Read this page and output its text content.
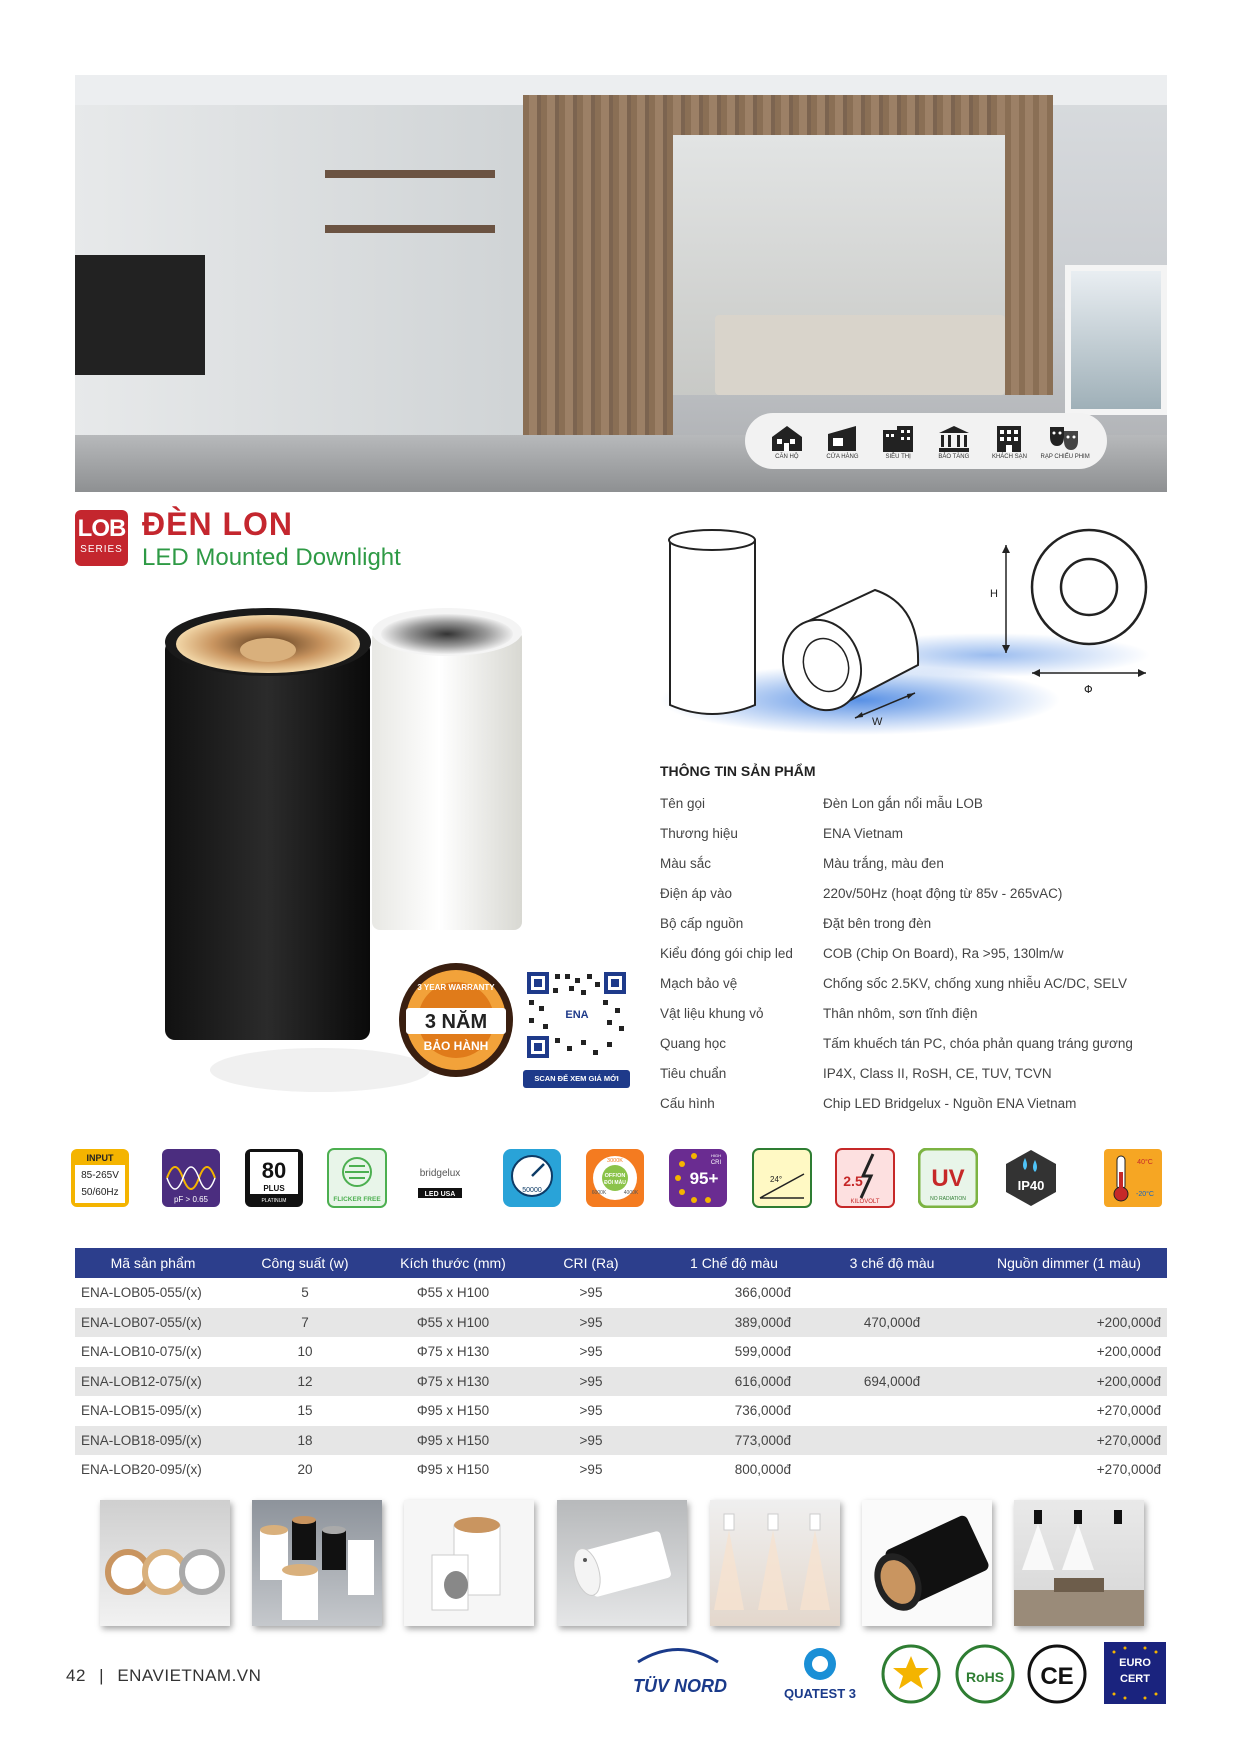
CĂN HỘ	CỬA HÀNG	SIÊU THỊ	BẢO TÀNG	KHÁCH SẠN RẠP CHIẾU PHIM
LOB
SERIES
ĐÈN LON
LED Mounted Downlight
3 YEAR WARRANTY
3 NĂM
BẢO HÀNH
ENA
SCAN ĐỂ XEM GIÁ MỚI
W
H
Φ
THÔNG TIN SẢN PHẨM
Tên gọi	Đèn Lon gắn nổi mẫu LOB
Thương hiệu	ENA Vietnam
Màu sắc	Màu trắng, màu đen
Điện áp vào	220v/50Hz (hoạt động từ 85v - 265vAC)
Bộ cấp nguồn	Đặt bên trong đèn
Kiểu đóng gói chip led	COB (Chip On Board), Ra >95, 130lm/w
Mạch bảo vệ	Chống sốc 2.5KV, chống xung nhiễu AC/DC, SELV
Vật liệu khung vỏ	Thân nhôm, sơn tĩnh điện
Quang học	Tấm khuếch tán PC, chóa phản quang tráng gương
Tiêu chuẩn	IP4X, Class II, RoSH, CE, TUV, TCVN
Cấu hình	Chip LED Bridgelux - Nguồn ENA Vietnam
INPUT
85-265V
50/60Hz
pF > 0.65
80
PLUS
PLATINUM	FLICKER FREE
bridgelux
LED USA
50000
3000K
OFF/ON
ĐỔI MÀU
6000K	4000K
95+
CRI
HIGH
24°	2.5
KILOVOLT
UV
NO RADIATION
IP40
40°C
-20°C
Mã sản phẩm	Công suất (w)	Kích thước (mm)	CRI (Ra)	1 Chế độ màu	3 chế độ màu	Nguồn dimmer (1 màu)
ENA-LOB05-055/(x)	5	Φ55 x H100	>95	366,000đ		
ENA-LOB07-055/(x)	7	Φ55 x H100	>95	389,000đ	470,000đ	+200,000đ
ENA-LOB10-075/(x)	10	Φ75 x H130	>95	599,000đ		+200,000đ
ENA-LOB12-075/(x)	12	Φ75 x H130	>95	616,000đ	694,000đ	+200,000đ
ENA-LOB15-095/(x)	15	Φ95 x H150	>95	736,000đ		+270,000đ
ENA-LOB18-095/(x)	18	Φ95 x H150	>95	773,000đ		+270,000đ
ENA-LOB20-095/(x)	20	Φ95 x H150	>95	800,000đ		+270,000đ
42 | ENAVIETNAM.VN
TÜV NORD	QUATEST 3
RoHS CE	EURO
CERT
